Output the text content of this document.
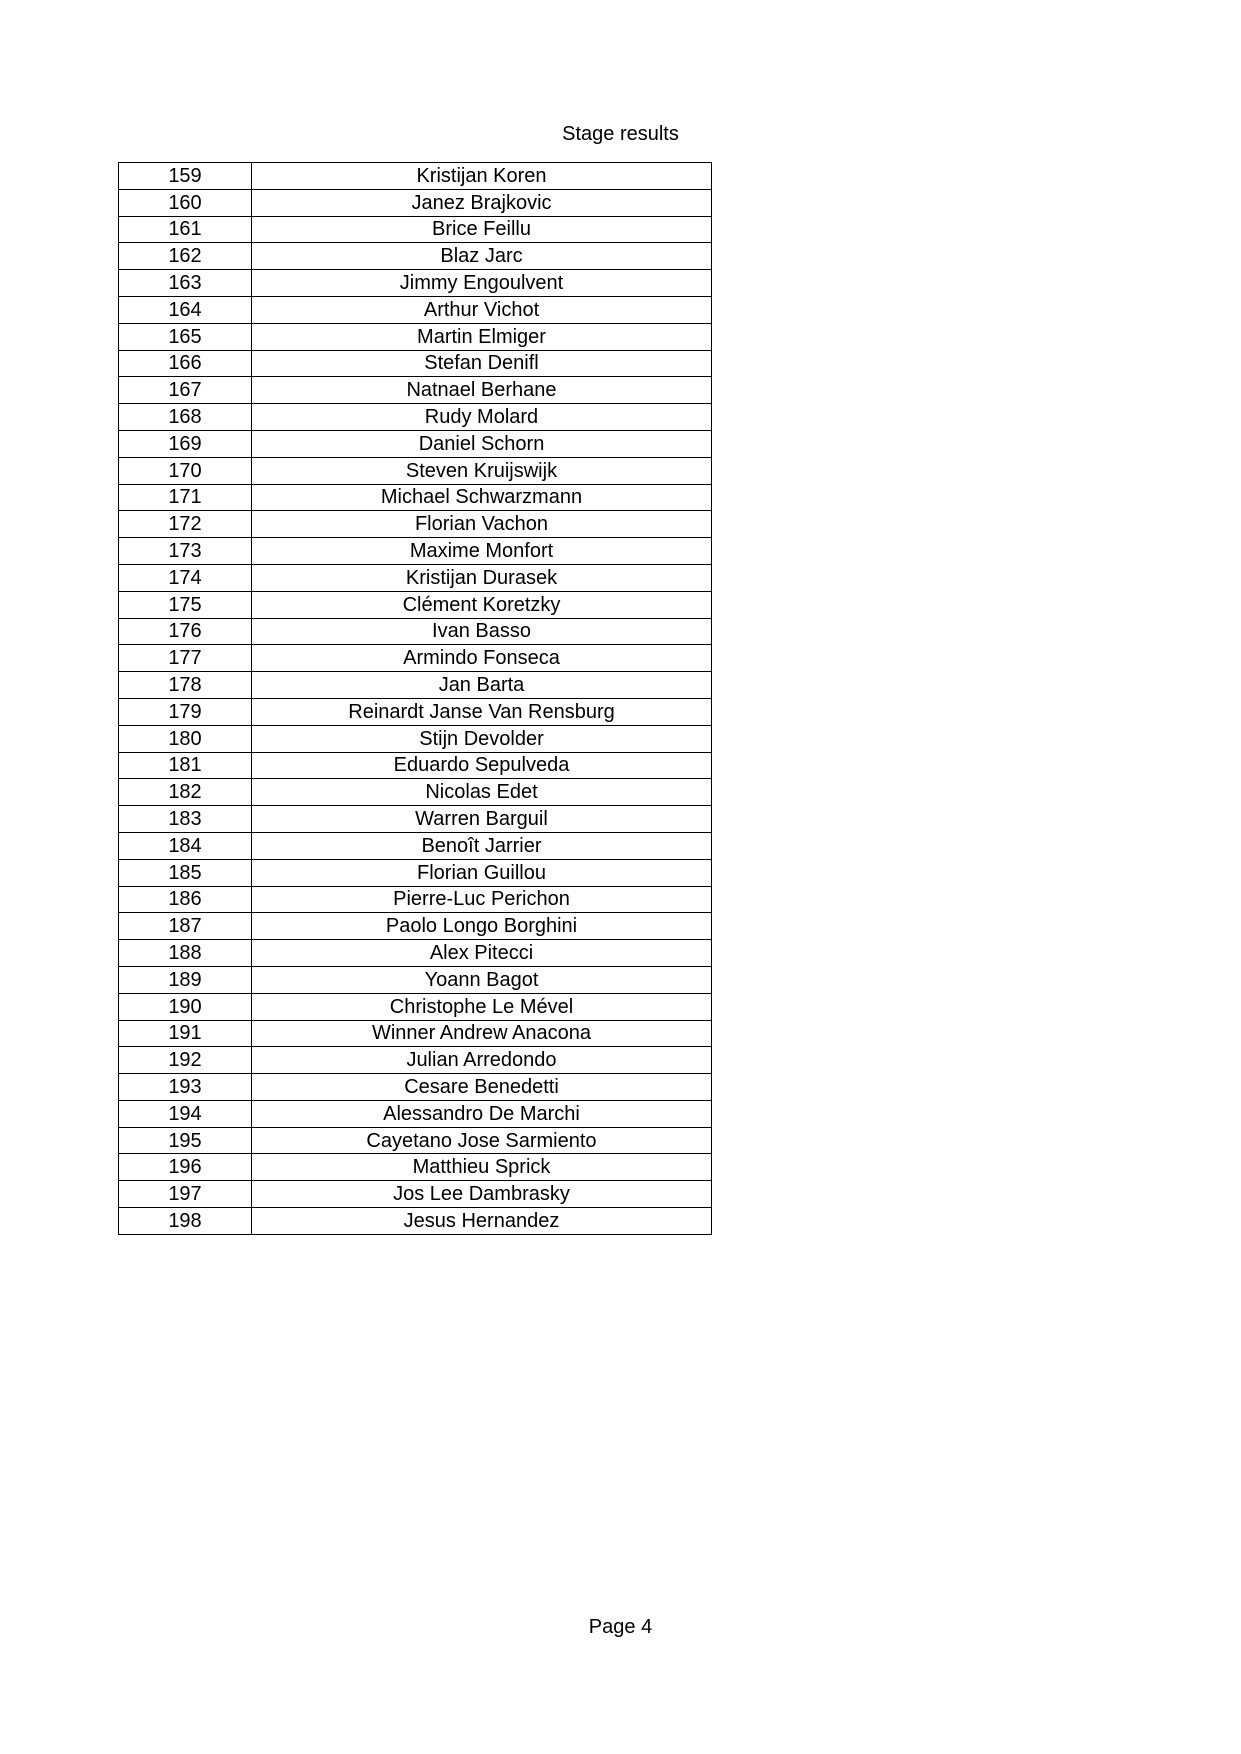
Stage results
159	Kristijan Koren
160	Janez Brajkovic
161	Brice Feillu
162	Blaz Jarc
163	Jimmy Engoulvent
164	Arthur Vichot
165	Martin Elmiger
166	Stefan Denifl
167	Natnael Berhane
168	Rudy Molard
169	Daniel Schorn
170	Steven Kruijswijk
171	Michael Schwarzmann
172	Florian Vachon
173	Maxime Monfort
174	Kristijan Durasek
175	Clément Koretzky
176	Ivan Basso
177	Armindo Fonseca
178	Jan Barta
179	Reinardt Janse Van Rensburg
180	Stijn Devolder
181	Eduardo Sepulveda
182	Nicolas Edet
183	Warren Barguil
184	Benoît Jarrier
185	Florian Guillou
186	Pierre-Luc Perichon
187	Paolo Longo Borghini
188	Alex Pitecci
189	Yoann Bagot
190	Christophe Le Mével
191	Winner Andrew Anacona
192	Julian Arredondo
193	Cesare Benedetti
194	Alessandro De Marchi
195	Cayetano Jose Sarmiento
196	Matthieu Sprick
197	Jos Lee Dambrasky
198	Jesus Hernandez
Page 4
